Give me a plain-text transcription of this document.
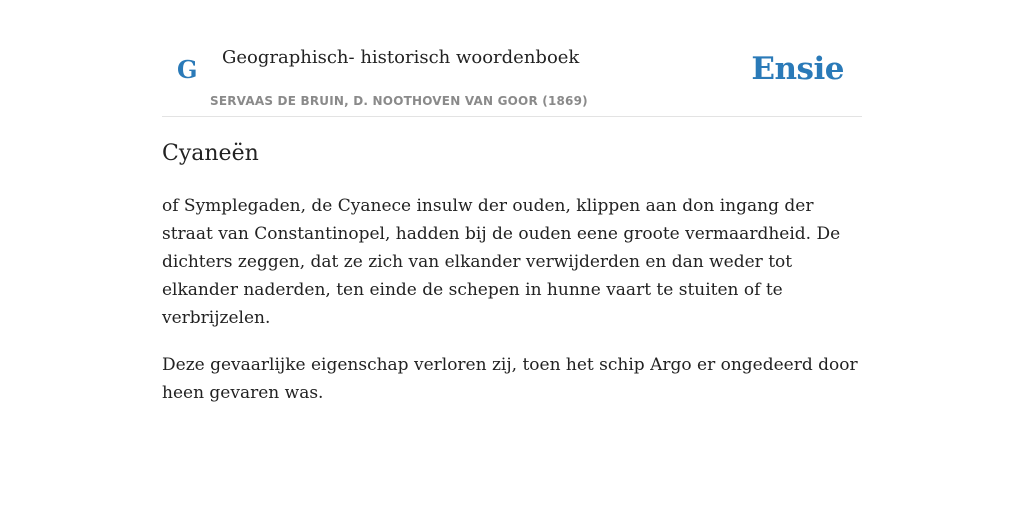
G Geographisch- historisch woordenboek
SERVAAS DE BRUIN, D. NOOTHOVEN VAN GOOR (1869)
Ensie
Cyaneën

of Symplegaden, de Cyanece insulw der ouden, klippen aan don ingang der straat van Constantinopel, hadden bij de ouden eene groote vermaardheid. De dichters zeggen, dat ze zich van elkander verwijderden en dan weder tot elkander naderden, ten einde de schepen in hunne vaart te stuiten of te verbrijzelen.

Deze gevaarlijke eigenschap verloren zij, toen het schip Argo er ongedeerd door heen gevaren was.
